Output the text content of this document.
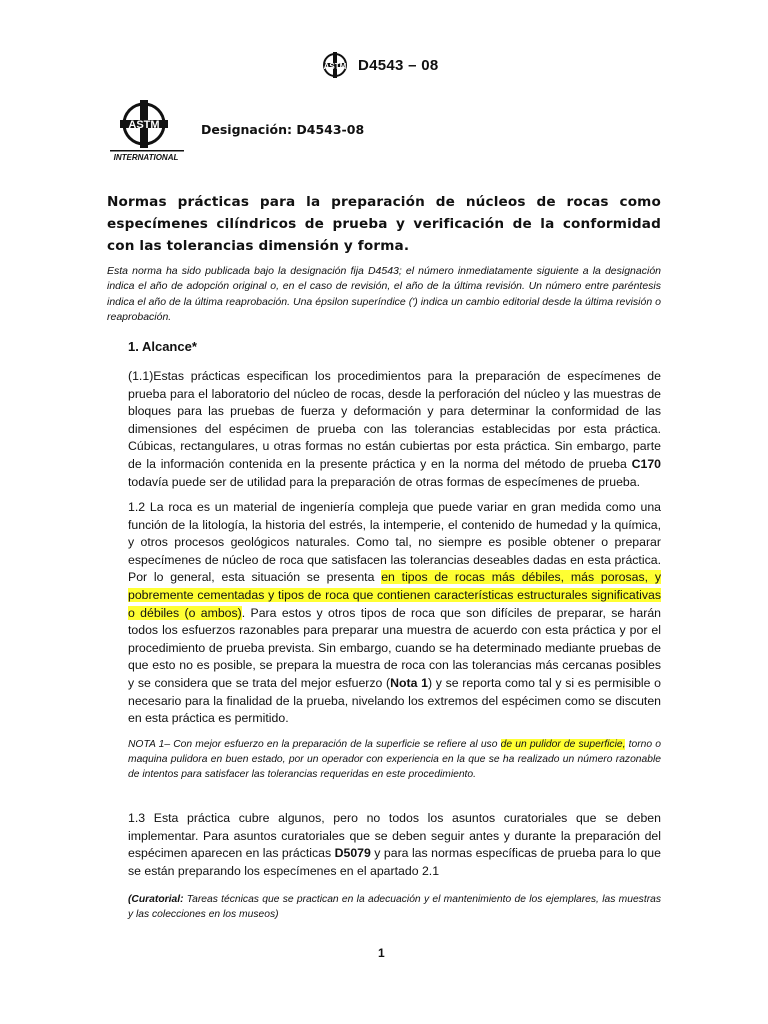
ASTM D4543 – 08
ASTM
INTERNATIONAL
Designación: D4543-08
Normas prácticas para la preparación de núcleos de rocas como especímenes cilíndricos de prueba y verificación de la conformidad con las tolerancias dimensión y forma.
Esta norma ha sido publicada bajo la designación fija D4543; el número inmediatamente siguiente a la designación indica el año de adopción original o, en el caso de revisión, el año de la última revisión. Un número entre paréntesis indica el año de la última reaprobación. Una épsilon superíndice (') indica un cambio editorial desde la última revisión o reaprobación.
1. Alcance*
(1.1)Estas prácticas especifican los procedimientos para la preparación de especímenes de prueba para el laboratorio del núcleo de rocas, desde la perforación del núcleo y las muestras de bloques para las pruebas de fuerza y deformación y para determinar la conformidad de las dimensiones del espécimen de prueba con las tolerancias establecidas por esta práctica. Cúbicas, rectangulares, u otras formas no están cubiertas por esta práctica. Sin embargo, parte de la información contenida en la presente práctica y en la norma del método de prueba C170 todavía puede ser de utilidad para la preparación de otras formas de especímenes de prueba.
1.2 La roca es un material de ingeniería compleja que puede variar en gran medida como una función de la litología, la historia del estrés, la intemperie, el contenido de humedad y la química, y otros procesos geológicos naturales. Como tal, no siempre es posible obtener o preparar especímenes de núcleo de roca que satisfacen las tolerancias deseables dadas en esta práctica. Por lo general, esta situación se presenta en tipos de rocas más débiles, más porosas, y pobremente cementadas y tipos de roca que contienen características estructurales significativas o débiles (o ambos). Para estos y otros tipos de roca que son difíciles de preparar, se harán todos los esfuerzos razonables para preparar una muestra de acuerdo con esta práctica y por el procedimiento de prueba prevista. Sin embargo, cuando se ha determinado mediante pruebas de que esto no es posible, se prepara la muestra de roca con las tolerancias más cercanas posibles y se considera que se trata del mejor esfuerzo (Nota 1) y se reporta como tal y si es permisible o necesario para la finalidad de la prueba, nivelando los extremos del espécimen como se discuten en esta práctica es permitido.
NOTA 1– Con mejor esfuerzo en la preparación de la superficie se refiere al uso de un pulidor de superficie, torno o maquina pulidora en buen estado, por un operador con experiencia en la que se ha realizado un número razonable de intentos para satisfacer las tolerancias requeridas en este procedimiento.
1.3 Esta práctica cubre algunos, pero no todos los asuntos curatoriales que se deben implementar. Para asuntos curatoriales que se deben seguir antes y durante la preparación del espécimen aparecen en las prácticas D5079 y para las normas específicas de prueba para lo que se están preparando los especímenes en el apartado 2.1
(Curatorial: Tareas técnicas que se practican en la adecuación y el mantenimiento de los ejemplares, las muestras y las colecciones en los museos)
1
